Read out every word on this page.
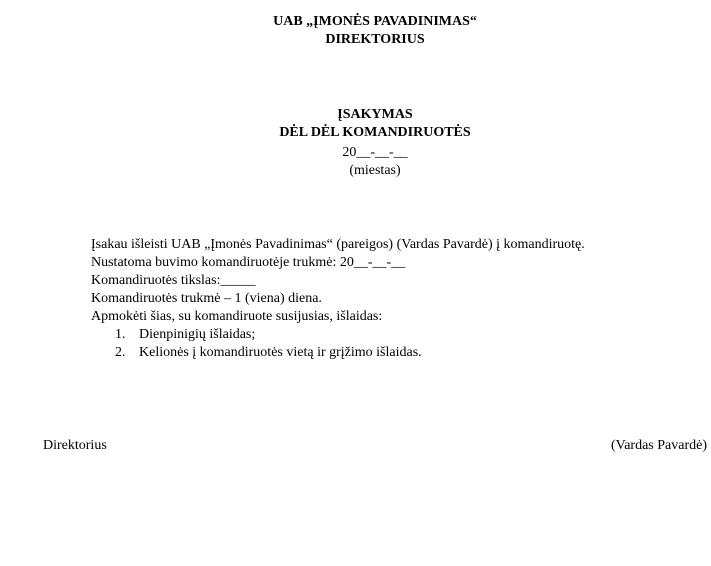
UAB „ĮMONĖS PAVADINIMAS“
DIREKTORIUS
ĮSAKYMAS
DĖL DĖL KOMANDIRUOTĖS
20__-__-__
(miestas)
Įsakau išleisti UAB „Įmonės Pavadinimas“ (pareigos) (Vardas Pavardė) į komandiruotę.
Nustatoma buvimo komandiruotėje trukmė: 20__-__-__
Komandiruotės tikslas:_____
Komandiruotės trukmė – 1 (viena) diena.
Apmokėti šias, su komandiruote susijusias, išlaidas:
1. Dienpinigių išlaidas;
2. Kelionės į komandiruotės vietą ir grįžimo išlaidas.
Direktorius	(Vardas Pavardė)
